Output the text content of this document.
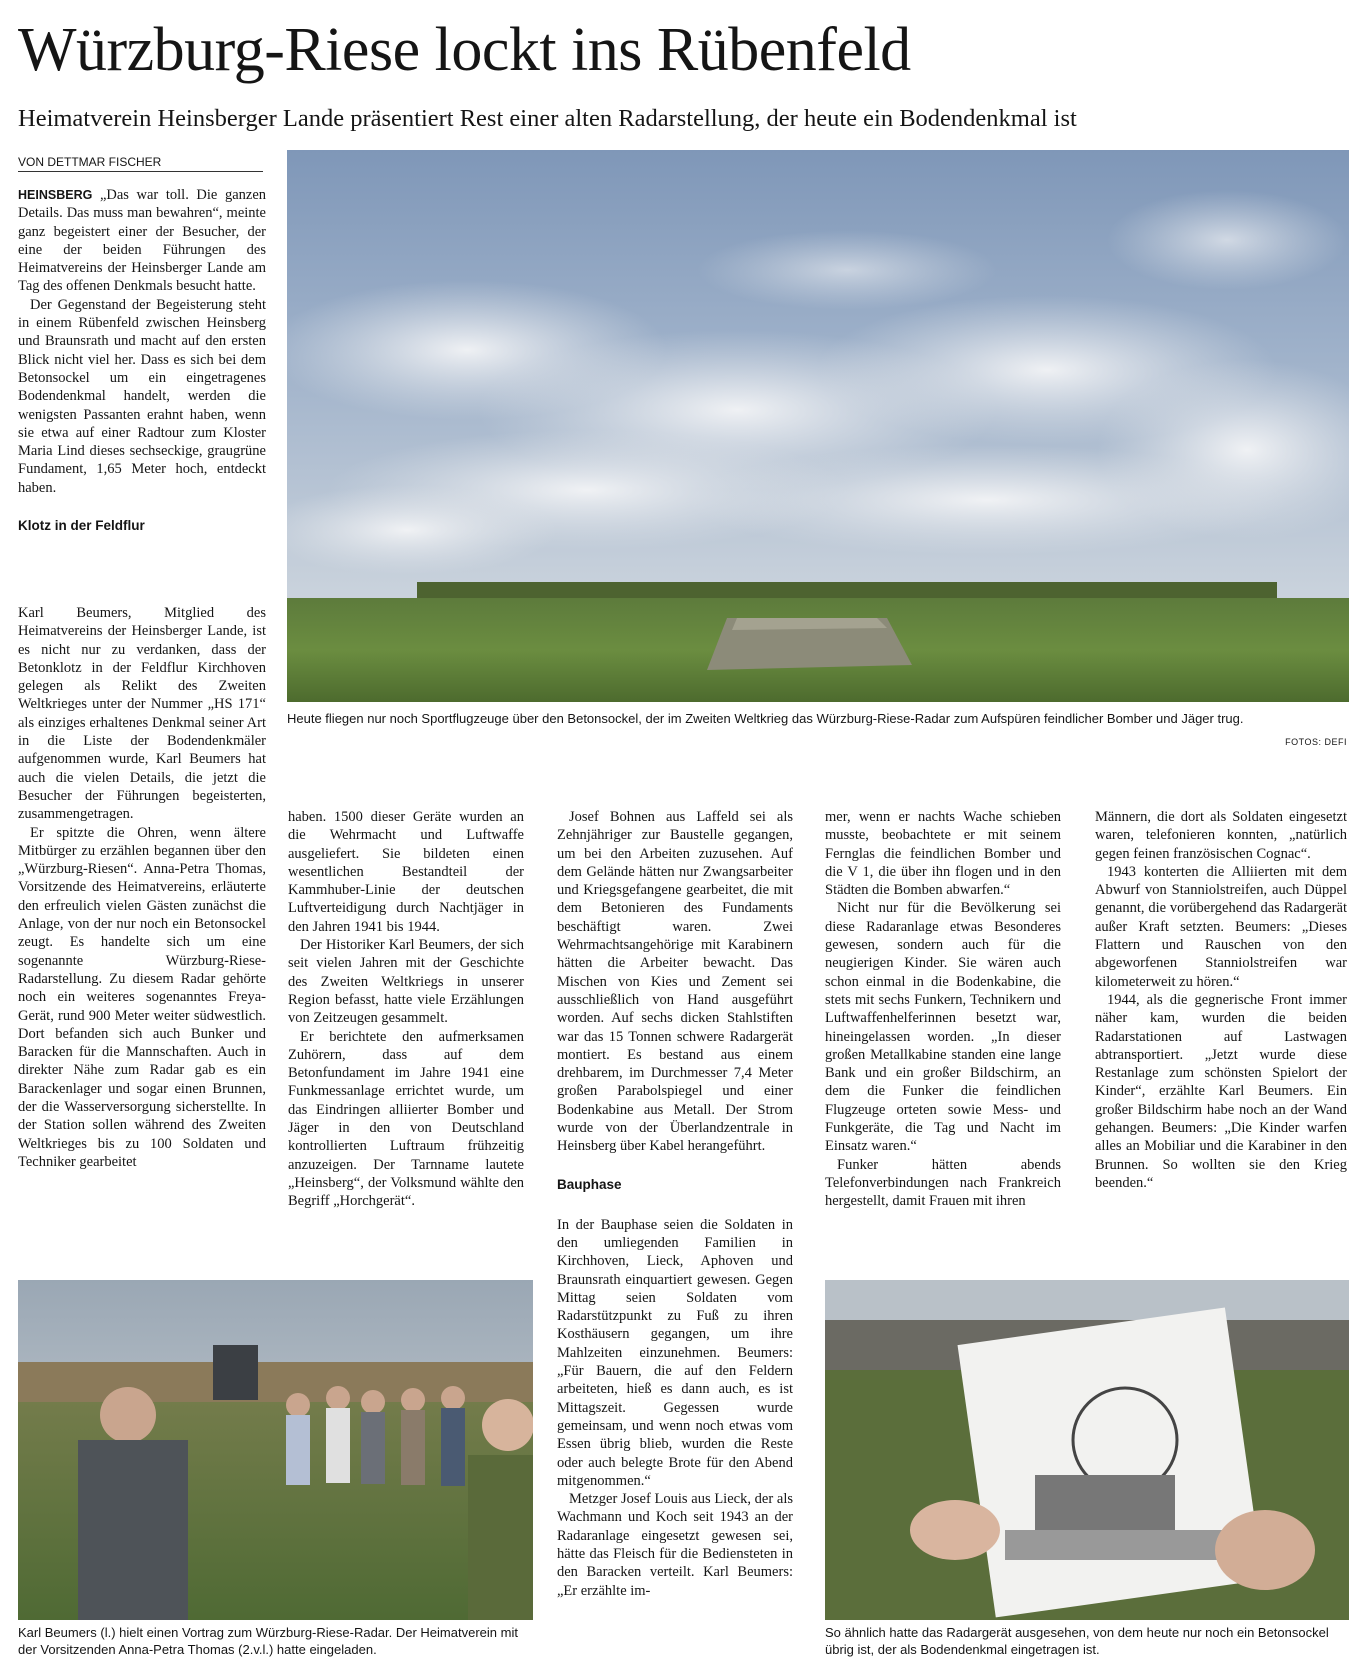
Würzburg-Riese lockt ins Rübenfeld
Heimatverein Heinsberger Lande präsentiert Rest einer alten Radarstellung, der heute ein Bodendenkmal ist
VON DETTMAR FISCHER

HEINSBERG „Das war toll. Die ganzen Details. Das muss man bewahren“, meinte ganz begeistert einer der Besucher, der eine der beiden Führungen des Heimatvereins der Heinsberger Lande am Tag des offenen Denkmals besucht hatte.

Der Gegenstand der Begeisterung steht in einem Rübenfeld zwischen Heinsberg und Braunsrath und macht auf den ersten Blick nicht viel her. Dass es sich bei dem Betonsockel um ein eingetragenes Bodendenkmal handelt, werden die wenigsten Passanten erahnt haben, wenn sie etwa auf einer Radtour zum Kloster Maria Lind dieses sechseckige, graugrüne Fundament, 1,65 Meter hoch, entdeckt haben.

Klotz in der Feldflur

Karl Beumers, Mitglied des Heimatvereins der Heinsberger Lande, ist es nicht nur zu verdanken, dass der Betonklotz in der Feldflur Kirchhoven gelegen als Relikt des Zweiten Weltkrieges unter der Nummer „HS 171“ als einziges erhaltenes Denkmal seiner Art in die Liste der Bodendenkmäler aufgenommen wurde, Karl Beumers hat auch die vielen Details, die jetzt die Besucher der Führungen begeisterten, zusammengetragen.

Er spitzte die Ohren, wenn ältere Mitbürger zu erzählen begannen über den „Würzburg-Riesen“. Anna-Petra Thomas, Vorsitzende des Heimatvereins, erläuterte den erfreulich vielen Gästen zunächst die Anlage, von der nur noch ein Betonsockel zeugt. Es handelte sich um eine sogenannte Würzburg-Riese-Radarstellung. Zu diesem Radar gehörte noch ein weiteres sogenanntes Freya-Gerät, rund 900 Meter weiter südwestlich. Dort befanden sich auch Bunker und Baracken für die Mannschaften. Auch in direkter Nähe zum Radar gab es ein Barackenlager und sogar einen Brunnen, der die Wasserversorgung sicherstellte. In der Station sollen während des Zweiten Weltkrieges bis zu 100 Soldaten und Techniker gearbeitet

Heute fliegen nur noch Sportflugzeuge über den Betonsockel, der im Zweiten Weltkrieg das Würzburg-Riese-Radar zum Aufspüren feindlicher Bomber und Jäger trug.
FOTOS: DEFI

haben. 1500 dieser Geräte wurden an die Wehrmacht und Luftwaffe ausgeliefert. Sie bildeten einen wesentlichen Bestandteil der Kammhuber-Linie der deutschen Luftverteidigung durch Nachtjäger in den Jahren 1941 bis 1944.

Der Historiker Karl Beumers, der sich seit vielen Jahren mit der Geschichte des Zweiten Weltkriegs in unserer Region befasst, hatte viele Erzählungen von Zeitzeugen gesammelt.

Er berichtete den aufmerksamen Zuhörern, dass auf dem Betonfundament im Jahre 1941 eine Funkmessanlage errichtet wurde, um das Eindringen alliierter Bomber und Jäger in den von Deutschland kontrollierten Luftraum frühzeitig anzuzeigen. Der Tarnname lautete „Heinsberg“, der Volksmund wählte den Begriff „Horchgerät“.

Josef Bohnen aus Laffeld sei als Zehnjähriger zur Baustelle gegangen, um bei den Arbeiten zuzusehen. Auf dem Gelände hätten nur Zwangsarbeiter und Kriegsgefangene gearbeitet, die mit dem Betonieren des Fundaments beschäftigt waren. Zwei Wehrmachtsangehörige mit Karabinern hätten die Arbeiter bewacht. Das Mischen von Kies und Zement sei ausschließlich von Hand ausgeführt worden. Auf sechs dicken Stahlstiften war das 15 Tonnen schwere Radargerät montiert. Es bestand aus einem drehbarem, im Durchmesser 7,4 Meter großen Parabolspiegel und einer Bodenkabine aus Metall. Der Strom wurde von der Überlandzentrale in Heinsberg über Kabel herangeführt.

Bauphase

In der Bauphase seien die Soldaten in den umliegenden Familien in Kirchhoven, Lieck, Aphoven und Braunsrath einquartiert gewesen. Gegen Mittag seien Soldaten vom Radarstützpunkt zu Fuß zu ihren Kosthäusern gegangen, um ihre Mahlzeiten einzunehmen. Beumers: „Für Bauern, die auf den Feldern arbeiteten, hieß es dann auch, es ist Mittagszeit. Gegessen wurde gemeinsam, und wenn noch etwas vom Essen übrig blieb, wurden die Reste oder auch belegte Brote für den Abend mitgenommen.“

Metzger Josef Louis aus Lieck, der als Wachmann und Koch seit 1943 an der Radaranlage eingesetzt gewesen sei, hätte das Fleisch für die Bediensteten in den Baracken verteilt. Karl Beumers: „Er erzählte im-

mer, wenn er nachts Wache schieben musste, beobachtete er mit seinem Fernglas die feindlichen Bomber und die V 1, die über ihn flogen und in den Städten die Bomben abwarfen.“

Nicht nur für die Bevölkerung sei diese Radaranlage etwas Besonderes gewesen, sondern auch für die neugierigen Kinder. Sie wären auch schon einmal in die Bodenkabine, die stets mit sechs Funkern, Technikern und Luftwaffenhelferinnen besetzt war, hineingelassen worden. „In dieser großen Metallkabine standen eine lange Bank und ein großer Bildschirm, an dem die Funker die feindlichen Flugzeuge orteten sowie Mess- und Funkgeräte, die Tag und Nacht im Einsatz waren.“

Funker hätten abends Telefonverbindungen nach Frankreich hergestellt, damit Frauen mit ihren

Männern, die dort als Soldaten eingesetzt waren, telefonieren konnten, „natürlich gegen feinen französischen Cognac“.

1943 konterten die Alliierten mit dem Abwurf von Stanniolstreifen, auch Düppel genannt, die vorübergehend das Radargerät außer Kraft setzten. Beumers: „Dieses Flattern und Rauschen von den abgeworfenen Stanniolstreifen war kilometerweit zu hören.“

1944, als die gegnerische Front immer näher kam, wurden die beiden Radarstationen auf Lastwagen abtransportiert. „Jetzt wurde diese Restanlage zum schönsten Spielort der Kinder“, erzählte Karl Beumers. Ein großer Bildschirm habe noch an der Wand gehangen. Beumers: „Die Kinder warfen alles an Mobiliar und die Karabiner in den Brunnen. So wollten sie den Krieg beenden.“

Karl Beumers (l.) hielt einen Vortrag zum Würzburg-Riese-Radar. Der Heimatverein mit der Vorsitzenden Anna-Petra Thomas (2.v.l.) hatte eingeladen.
So ähnlich hatte das Radargerät ausgesehen, von dem heute nur noch ein Betonsockel übrig ist, der als Bodendenkmal eingetragen ist.
